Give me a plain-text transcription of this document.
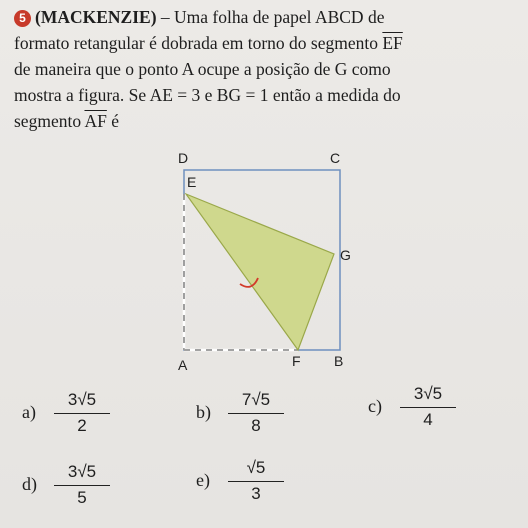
5 (MACKENZIE) – Uma folha de papel ABCD de
formato retangular é dobrada em torno do segmento $\overline{EF}$
de maneira que o ponto A ocupe a posição de G como
mostra a figura. Se AE = 3 e BG = 1 então a medida do
segmento $\overline{AF}$ é
D	C
E
G
A	F B
a)
3√5
2
b)
7√5
8
c)
3√5
4
d)
3√5
5
e)
√5
3
